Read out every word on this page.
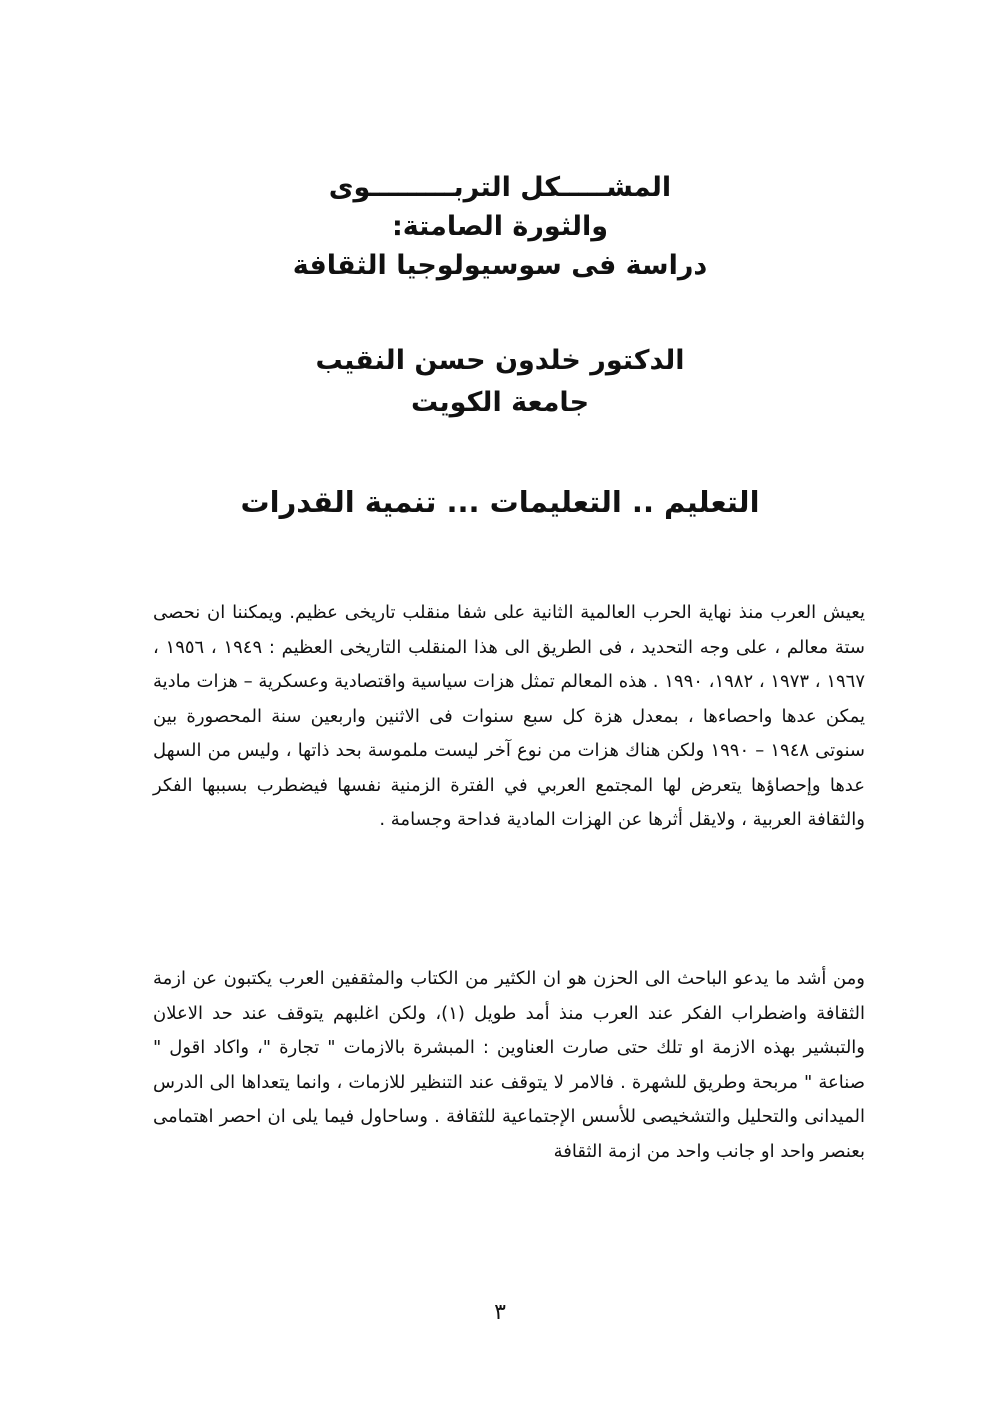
المشـــــكل التربـــــــــوى

والثورة الصامتة:

دراسة فى سوسيولوجيا الثقافة

الدكتور خلدون حسن النقيب

جامعة الكويت

التعليم .. التعليمات ... تنمية القدرات

يعيش العرب منذ نهاية الحرب العالمية الثانية على شفا منقلب تاريخى عظيم. ويمكننا ان نحصى ستة معالم ، على وجه التحديد ، فى الطريق الى هذا المنقلب التاريخى العظيم : ١٩٤٩ ، ١٩٥٦ ، ١٩٦٧ ، ١٩٧٣ ، ١٩٨٢، ١٩٩٠ . هذه المعالم تمثل هزات سياسية واقتصادية وعسكرية – هزات مادية يمكن عدها واحصاءها ، بمعدل هزة كل سبع سنوات فى الاثنين واربعين سنة المحصورة بين سنوتى ١٩٤٨ – ١٩٩٠ ولكن هناك هزات من نوع آخر ليست ملموسة بحد ذاتها ، وليس من السهل عدها وإحصاؤها يتعرض لها المجتمع العربي في الفترة الزمنية نفسها فيضطرب بسببها الفكر والثقافة العربية ، ولايقل أثرها عن الهزات المادية فداحة وجسامة .

ومن أشد ما يدعو الباحث الى الحزن هو ان الكثير من الكتاب والمثقفين العرب يكتبون عن ازمة الثقافة واضطراب الفكر عند العرب منذ أمد طويل (١)، ولكن اغلبهم يتوقف عند حد الاعلان والتبشير بهذه الازمة او تلك حتى صارت العناوين : المبشرة بالازمات " تجارة "، واكاد اقول " صناعة " مربحة وطريق للشهرة . فالامر لا يتوقف عند التنظير للازمات ، وانما يتعداها الى الدرس الميدانى والتحليل والتشخيصى للأسس الإجتماعية للثقافة . وساحاول فيما يلى ان احصر اهتمامى بعنصر واحد او جانب واحد من ازمة الثقافة

٣
